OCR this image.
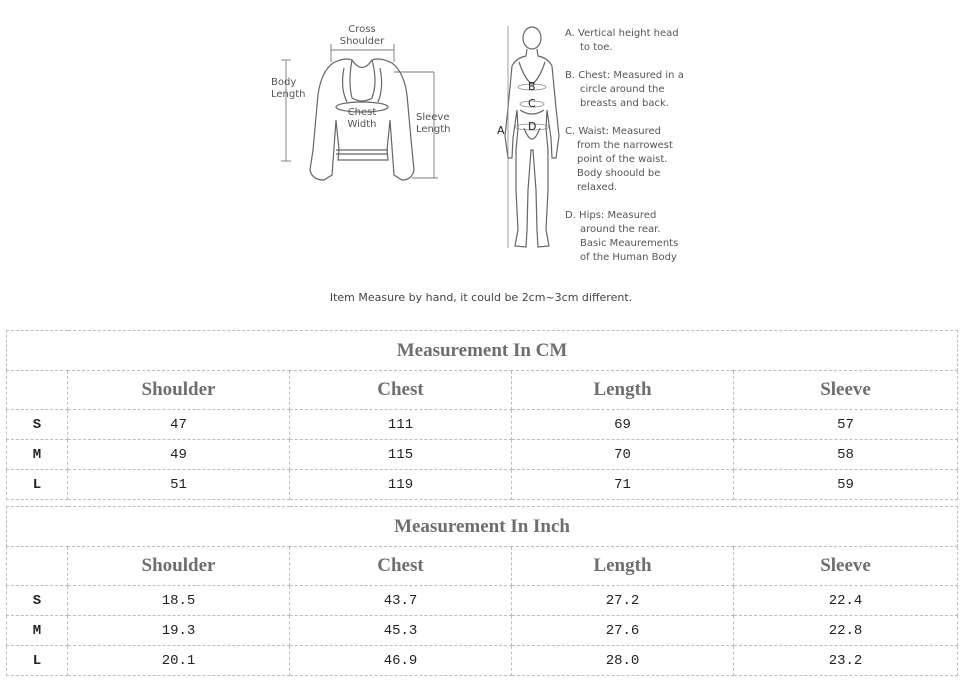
Cross
Shoulder
Body
Length
Chest
Width
Sleeve
Length
B
C
D
A
A. Vertical height head
to toe.
B. Chest: Measured in a
circle around the
breasts and back.
C. Waist: Measured
from the narrowest
point of the waist.
Body shoould be
relaxed.
D. Hips: Measured
around the rear.
Basic Meaurements
of the Human Body
Item Measure by hand, it could be 2cm~3cm different.
Measurement In CM				
	Shoulder	Chest	Length	Sleeve
S	47	111	69	57
M	49	115	70	58
L	51	119	71	59
Measurement In Inch				
	Shoulder	Chest	Length	Sleeve
S	18.5	43.7	27.2	22.4
M	19.3	45.3	27.6	22.8
L	20.1	46.9	28.0	23.2
